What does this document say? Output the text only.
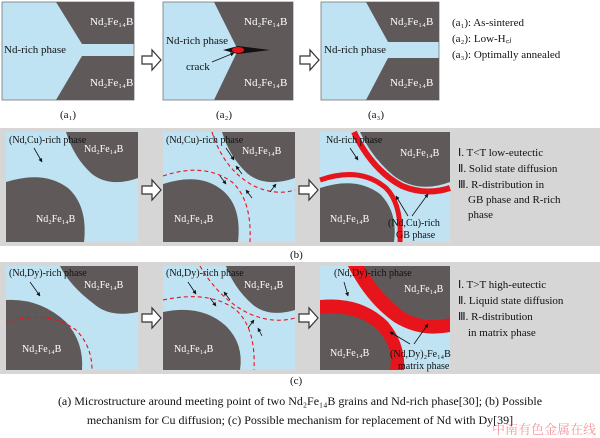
Nd-rich phase
Nd₂Fe₁₄B
Nd₂Fe₁₄B
Nd-rich phase
crack
Nd₂Fe₁₄B
Nd₂Fe₁₄B
Nd-rich phase
Nd₂Fe₁₄B
Nd₂Fe₁₄B
(a₁): As-sintered
(a₂): Low-H꜀ⱼ
(a₃): Optimally annealed
(a₁)	(a₂)	(a₃)
(Nd,Cu)-rich phase
Nd₂Fe₁₄B
Nd₂Fe₁₄B
(Nd,Cu)-rich phase
Nd₂Fe₁₄B
Nd₂Fe₁₄B
Nd-rich phase
Nd₂Fe₁₄B
Nd₂Fe₁₄B (Nd,Cu)-rich
GB phase
Ⅰ. T<T low-eutectic
Ⅱ. Solid state diffusion
Ⅲ. R-distribution in
GB phase and R-rich
phase
(b)
(Nd,Dy)-rich phase
Nd₂Fe₁₄B
Nd₂Fe₁₄B
(Nd,Dy)-rich phase
Nd₂Fe₁₄B
Nd₂Fe₁₄B
(Nd,Dy)-rich phase
Nd₂Fe₁₄B
Nd₂Fe₁₄B (Nd,Dy)₂Fe₁₄B
matrix phase
Ⅰ. T>T high-eutectic
Ⅱ. Liquid state diffusion
Ⅲ. R-distribution
in matrix phase
(c)
(a) Microstructure around meeting point of two Nd₂Fe₁₄B grains and Nd-rich phase[30]; (b) Possible
mechanism for Cu diffusion; (c) Possible mechanism for replacement of Nd with Dy[39]
中南有色金属在线
